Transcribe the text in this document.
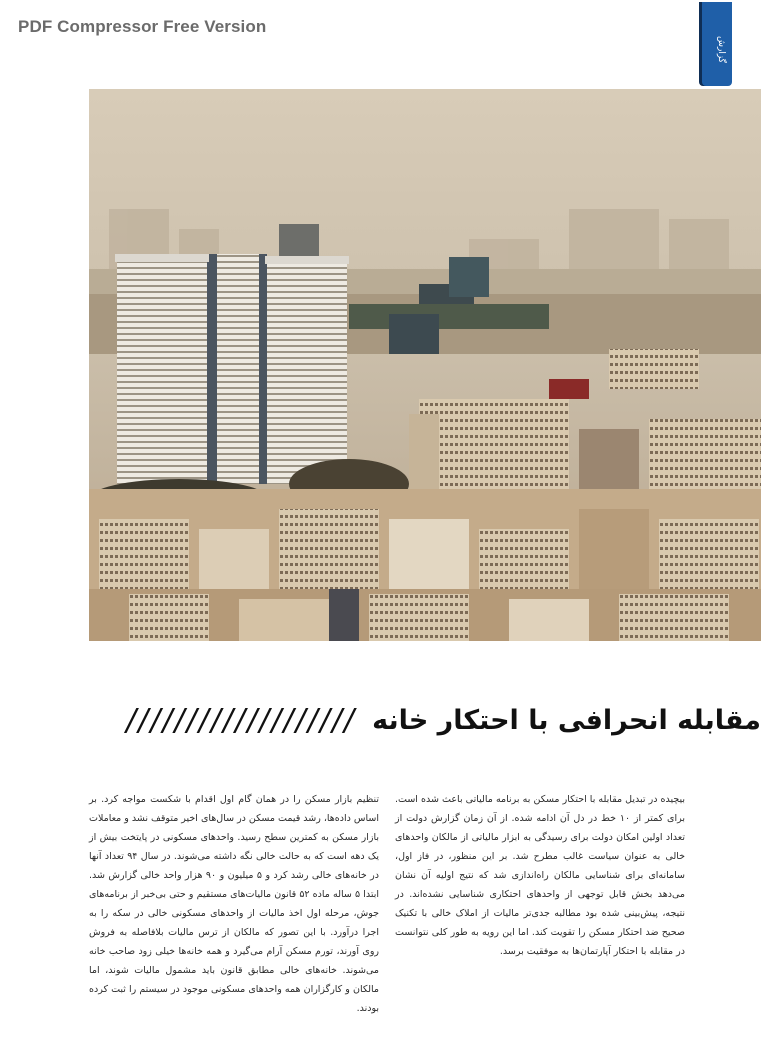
PDF Compressor Free Version
گزارش
مقابله انحرافی با احتکار خانه
///////////////////
بیچیده در تبدیل مقابله با احتکار مسکن به برنامه مالیاتی باعث شده است. برای کمتر از ۱۰ خط در دل آن ادامه شده. از آن زمان گزارش دولت از تعداد اولین امکان دولت برای رسیدگی به ابزار مالیاتی از مالکان واحدهای خالی به عنوان سیاست غالب مطرح شد. بر این منظور، در فاز اول، سامانه‌ای برای شناسایی مالکان راه‌اندازی شد که نتیج اولیه آن نشان می‌دهد بخش قابل توجهی از واحدهای احتکاری شناسایی نشده‌اند. در نتیجه، پیش‌بینی شده بود مطالبه جدی‌تر مالیات از املاک خالی با تکنیک صحیح ضد احتکار مسکن را تقویت کند. اما این رویه به طور کلی نتوانست در مقابله با احتکار آپارتمان‌ها به موفقیت برسد.
تنظیم بازار مسکن را در همان گام اول اقدام با شکست مواجه کرد. بر اساس داده‌ها، رشد قیمت مسکن در سال‌های اخیر متوقف نشد و معاملات بازار مسکن به کمترین سطح رسید. واحدهای مسکونی در پایتخت بیش از یک دهه است که به حالت خالی نگه داشته می‌شوند. در سال ۹۴ تعداد آنها در خانه‌های خالی رشد کرد و ۵ میلیون و ۹۰ هزار واحد خالی گزارش شد. ابتدا ۵ ساله ماده ۵۲ قانون مالیات‌های مستقیم و حتی بی‌خبر از برنامه‌های جوش، مرحله اول اخذ مالیات از واحدهای مسکونی خالی در سکه را به اجرا درآورد. با این تصور که مالکان از ترس مالیات بلافاصله به فروش روی آورند، تورم مسکن آرام می‌گیرد و همه خانه‌ها خیلی زود صاحب خانه می‌شوند. خانه‌های خالی مطابق قانون باید مشمول مالیات شوند، اما مالکان و کارگزاران همه واحدهای مسکونی موجود در سیستم را ثبت کرده بودند.
